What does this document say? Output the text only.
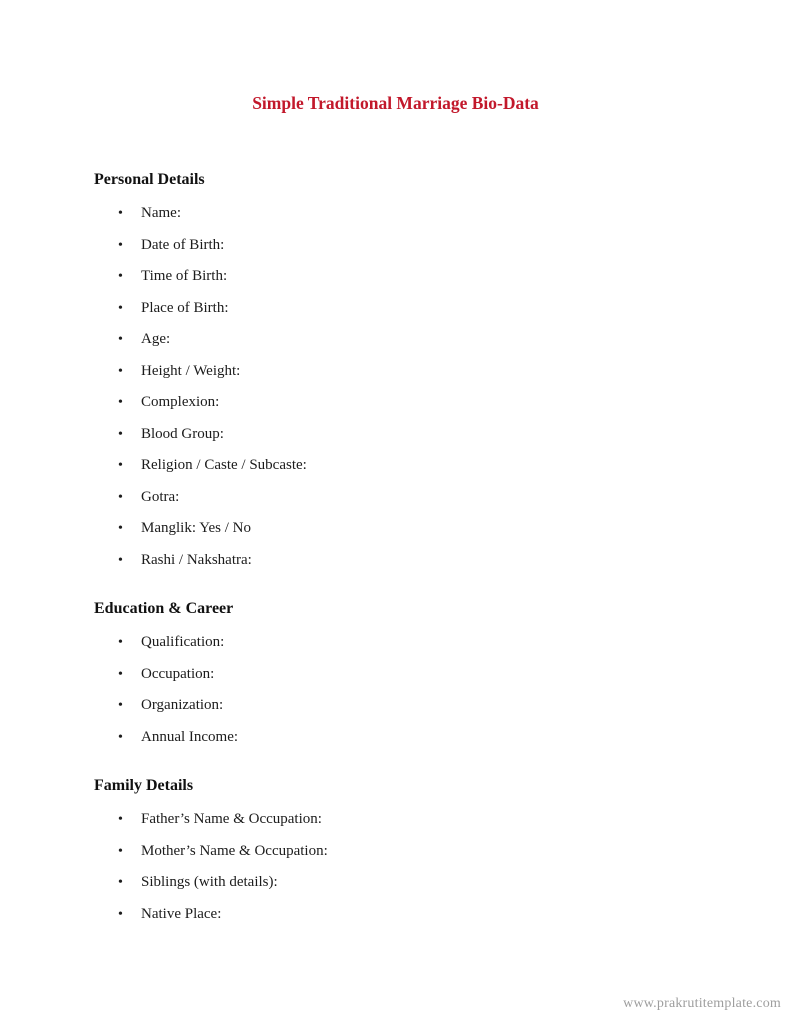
Simple Traditional Marriage Bio-Data
Personal Details
•	Name:
•	Date of Birth:
•	Time of Birth:
•	Place of Birth:
•	Age:
•	Height / Weight:
•	Complexion:
•	Blood Group:
•	Religion / Caste / Subcaste:
•	Gotra:
•	Manglik: Yes / No
•	Rashi / Nakshatra:
Education & Career
•	Qualification:
•	Occupation:
•	Organization:
•	Annual Income:
Family Details
•	Father’s Name & Occupation:
•	Mother’s Name & Occupation:
•	Siblings (with details):
•	Native Place:
www.prakrutitemplate.com
